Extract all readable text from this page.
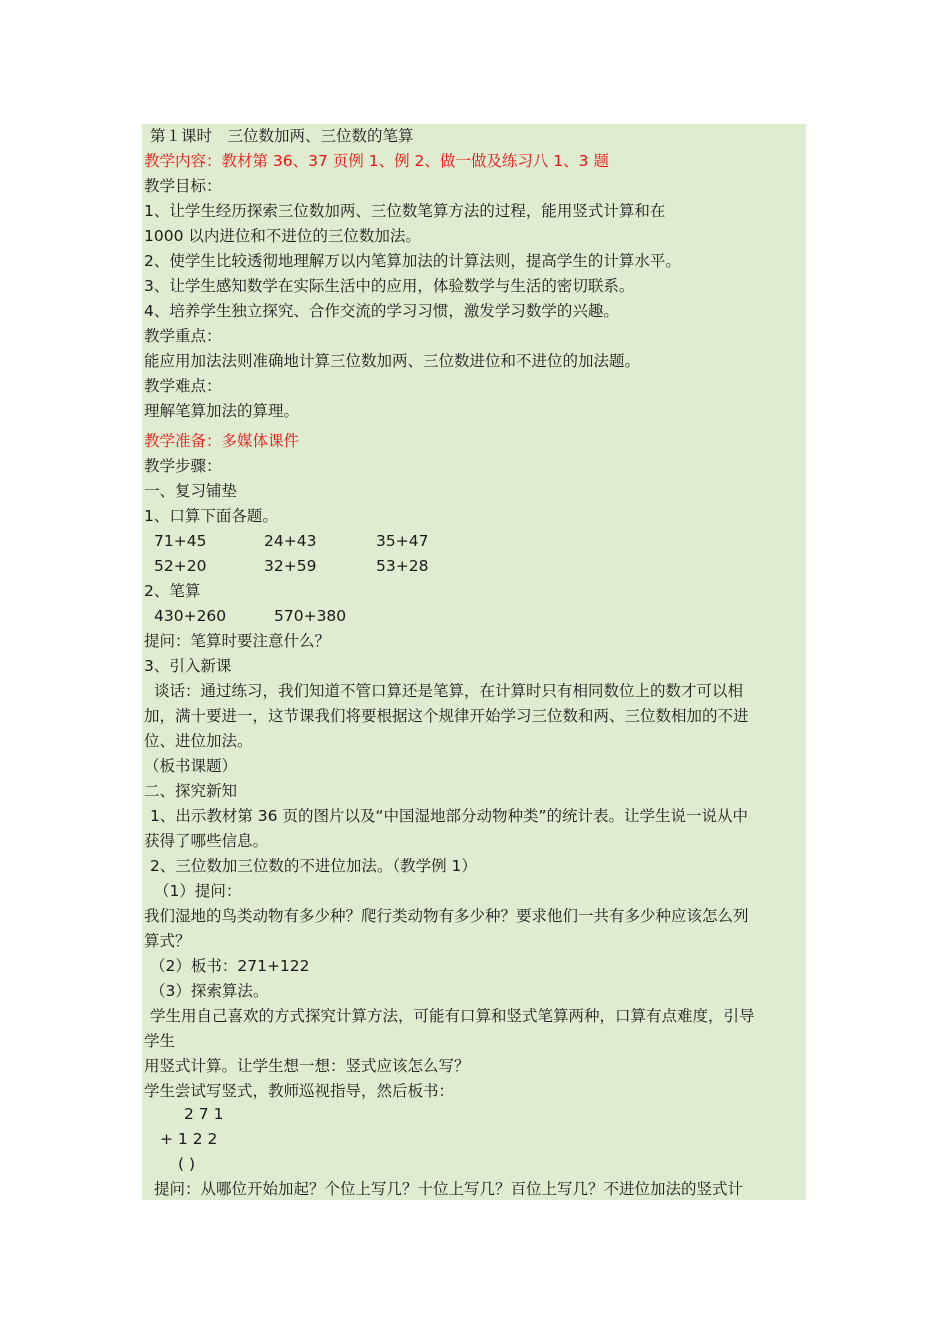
第１课时　三位数加两、三位数的笔算
教学内容：教材第 36、37 页例 1、例 2、做一做及练习八 1、3 题
教学目标：
1、让学生经历探索三位数加两、三位数笔算方法的过程，能用竖式计算和在
1000 以内进位和不进位的三位数加法。
2、使学生比较透彻地理解万以内笔算加法的计算法则，提高学生的计算水平。
3、让学生感知数学在实际生活中的应用，体验数学与生活的密切联系。
4、培养学生独立探究、合作交流的学习习惯，激发学习数学的兴趣。
教学重点：
能应用加法法则准确地计算三位数加两、三位数进位和不进位的加法题。
教学难点：
理解笔算加法的算理。
教学准备：多媒体课件
教学步骤：
一、复习铺垫
1、口算下面各题。
71+45	24+43	35+47
52+20	32+59	53+28
2、笔算
430+260	570+380
提问：笔算时要注意什么？
3、引入新课
谈话：通过练习，我们知道不管口算还是笔算，在计算时只有相同数位上的数才可以相
加，满十要进一，这节课我们将要根据这个规律开始学习三位数和两、三位数相加的不进
位、进位加法。
（板书课题）
二、探究新知
1、出示教材第 36 页的图片以及“中国湿地部分动物种类”的统计表。让学生说一说从中
获得了哪些信息。
2、三位数加三位数的不进位加法。（教学例 1）
（1）提问：
我们湿地的鸟类动物有多少种？爬行类动物有多少种？要求他们一共有多少种应该怎么列
算式？
（2）板书：271+122
（3）探索算法。
学生用自己喜欢的方式探究计算方法，可能有口算和竖式笔算两种，口算有点难度，引导
学生
用竖式计算。让学生想一想：竖式应该怎么写？
学生尝试写竖式，教师巡视指导，然后板书：
2 7 1
+ 1 2 2
( )
提问：从哪位开始加起？个位上写几？十位上写几？百位上写几？不进位加法的竖式计
